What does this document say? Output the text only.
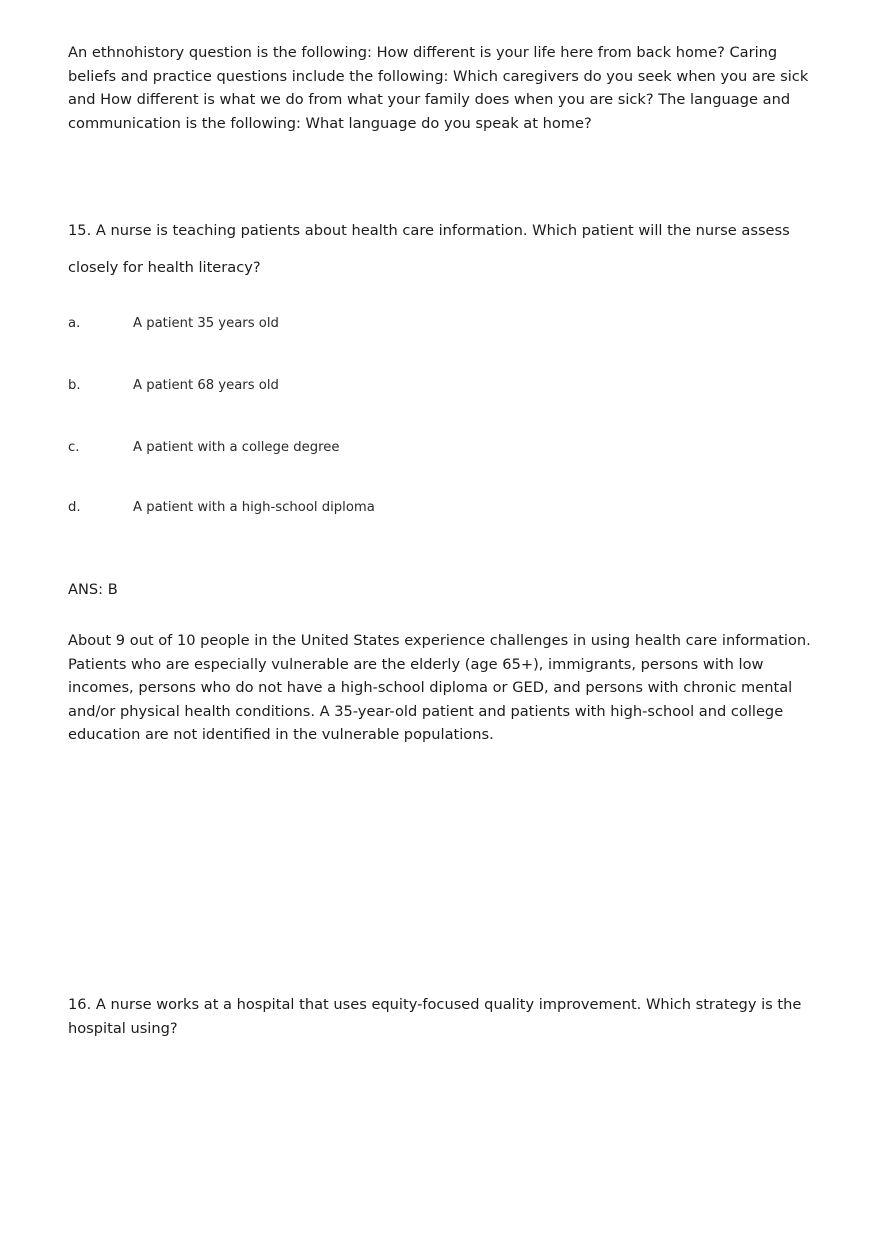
An ethnohistory question is the following: How different is your life here from back home? Caring beliefs and practice questions include the following: Which caregivers do you seek when you are sick and How different is what we do from what your family does when you are sick? The language and communication is the following: What language do you speak at home?

15. A nurse is teaching patients about health care information. Which patient will the nurse assess closely for health literacy?

a.	A patient 35 years old
b.	A patient 68 years old
c.	A patient with a college degree
d.	A patient with a high-school diploma

ANS: B

About 9 out of 10 people in the United States experience challenges in using health care information. Patients who are especially vulnerable are the elderly (age 65+), immigrants, persons with low incomes, persons who do not have a high-school diploma or GED, and persons with chronic mental and/or physical health conditions. A 35-year-old patient and patients with high-school and college education are not identified in the vulnerable populations.

16. A nurse works at a hospital that uses equity-focused quality improvement. Which strategy is the hospital using?
